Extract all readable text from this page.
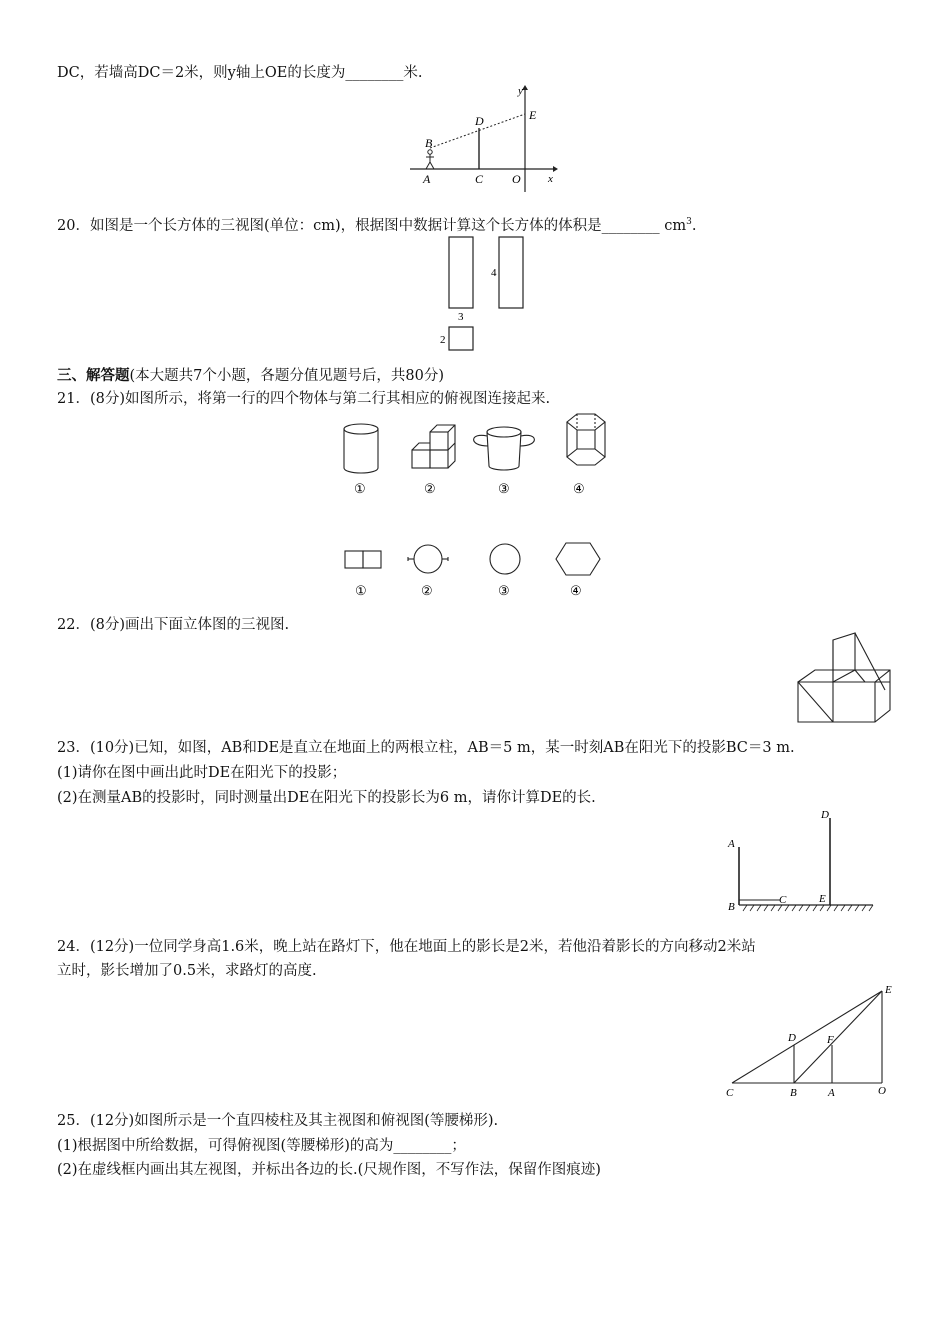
DC，若墙高DC＝2米，则y轴上OE的长度为________米.
y
x
E
D
B
A	C O
20．如图是一个长方体的三视图(单位：cm)，根据图中数据计算这个长方体的体积是________ $cm^3$.
4
3
2
三、解答题(本大题共7个小题，各题分值见题号后，共80分)
21．(8分)如图所示，将第一行的四个物体与第二行其相应的俯视图连接起来.
①	②	③	④
①	②	③	④
22．(8分)画出下面立体图的三视图.
23．(10分)已知，如图，AB和DE是直立在地面上的两根立柱，AB＝5 m，某一时刻AB在阳光下的投影BC＝3 m.
(1)请你在图中画出此时DE在阳光下的投影；
(2)在测量AB的投影时，同时测量出DE在阳光下的投影长为6 m，请你计算DE的长.
A
B
C
D
E
24．(12分)一位同学身高1.6米，晚上站在路灯下，他在地面上的影长是2米，若他沿着影长的方向移动2米站
立时，影长增加了0.5米，求路灯的高度.
E
D	F
C	B	A	O
25．(12分)如图所示是一个直四棱柱及其主视图和俯视图(等腰梯形).
(1)根据图中所给数据，可得俯视图(等腰梯形)的高为________；
(2)在虚线框内画出其左视图，并标出各边的长.(尺规作图，不写作法，保留作图痕迹)
